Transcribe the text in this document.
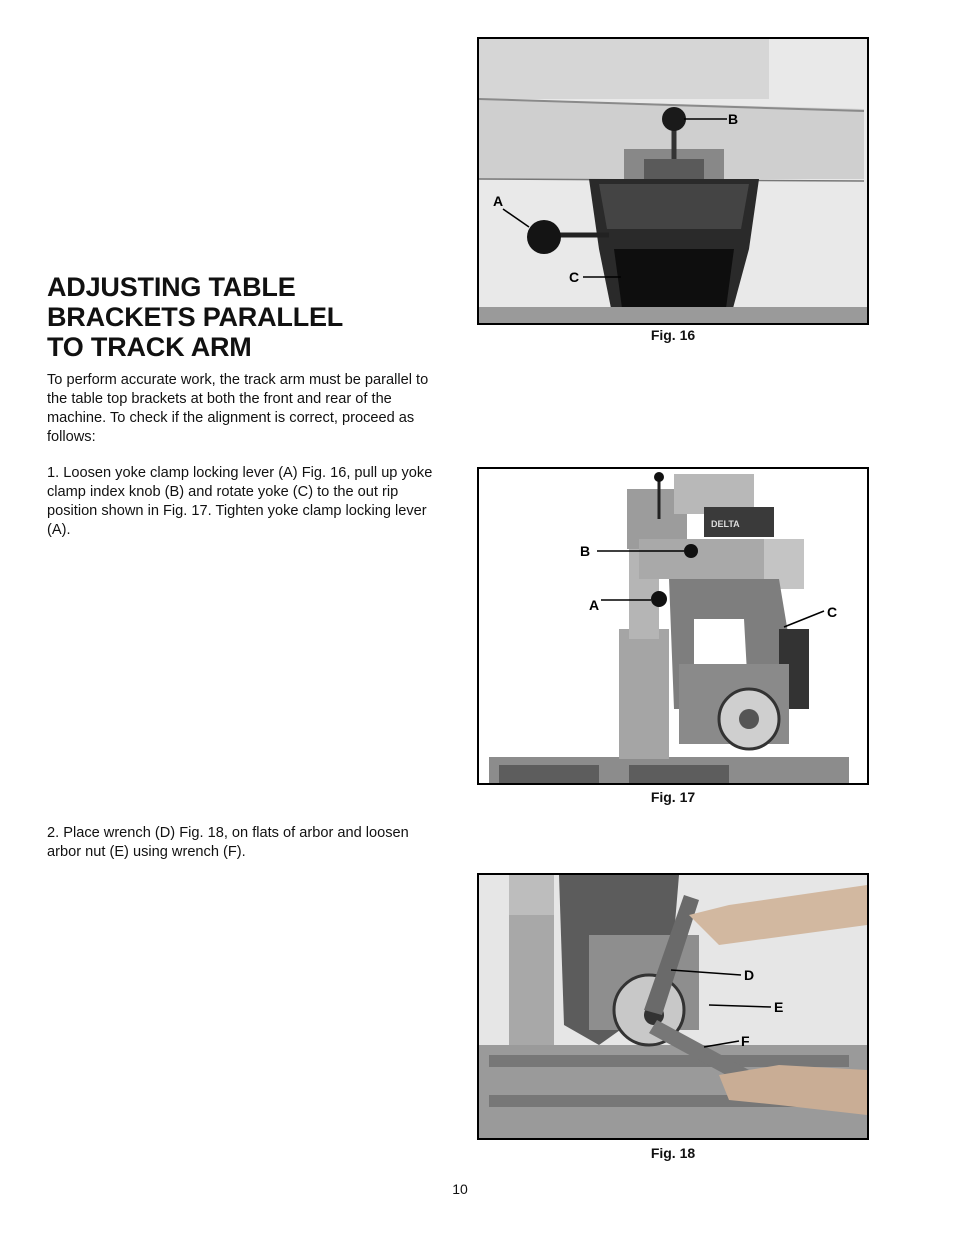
ADJUSTING TABLE
BRACKETS PARALLEL
TO TRACK ARM

To perform accurate work, the track arm must be parallel to the table top brackets at both the front and rear of the machine. To check if the alignment is correct, proceed as follows:

1. Loosen yoke clamp locking lever (A) Fig. 16, pull up yoke clamp index knob (B) and rotate yoke (C) to the out rip position shown in Fig. 17. Tighten yoke clamp locking lever (A).

2. Place wrench (D) Fig. 18, on flats of arbor and loosen arbor nut (E) using wrench (F).

B
A
C
Fig. 16
DELTA
B
A	C
Fig. 17
D
E
F
Fig. 18
10
